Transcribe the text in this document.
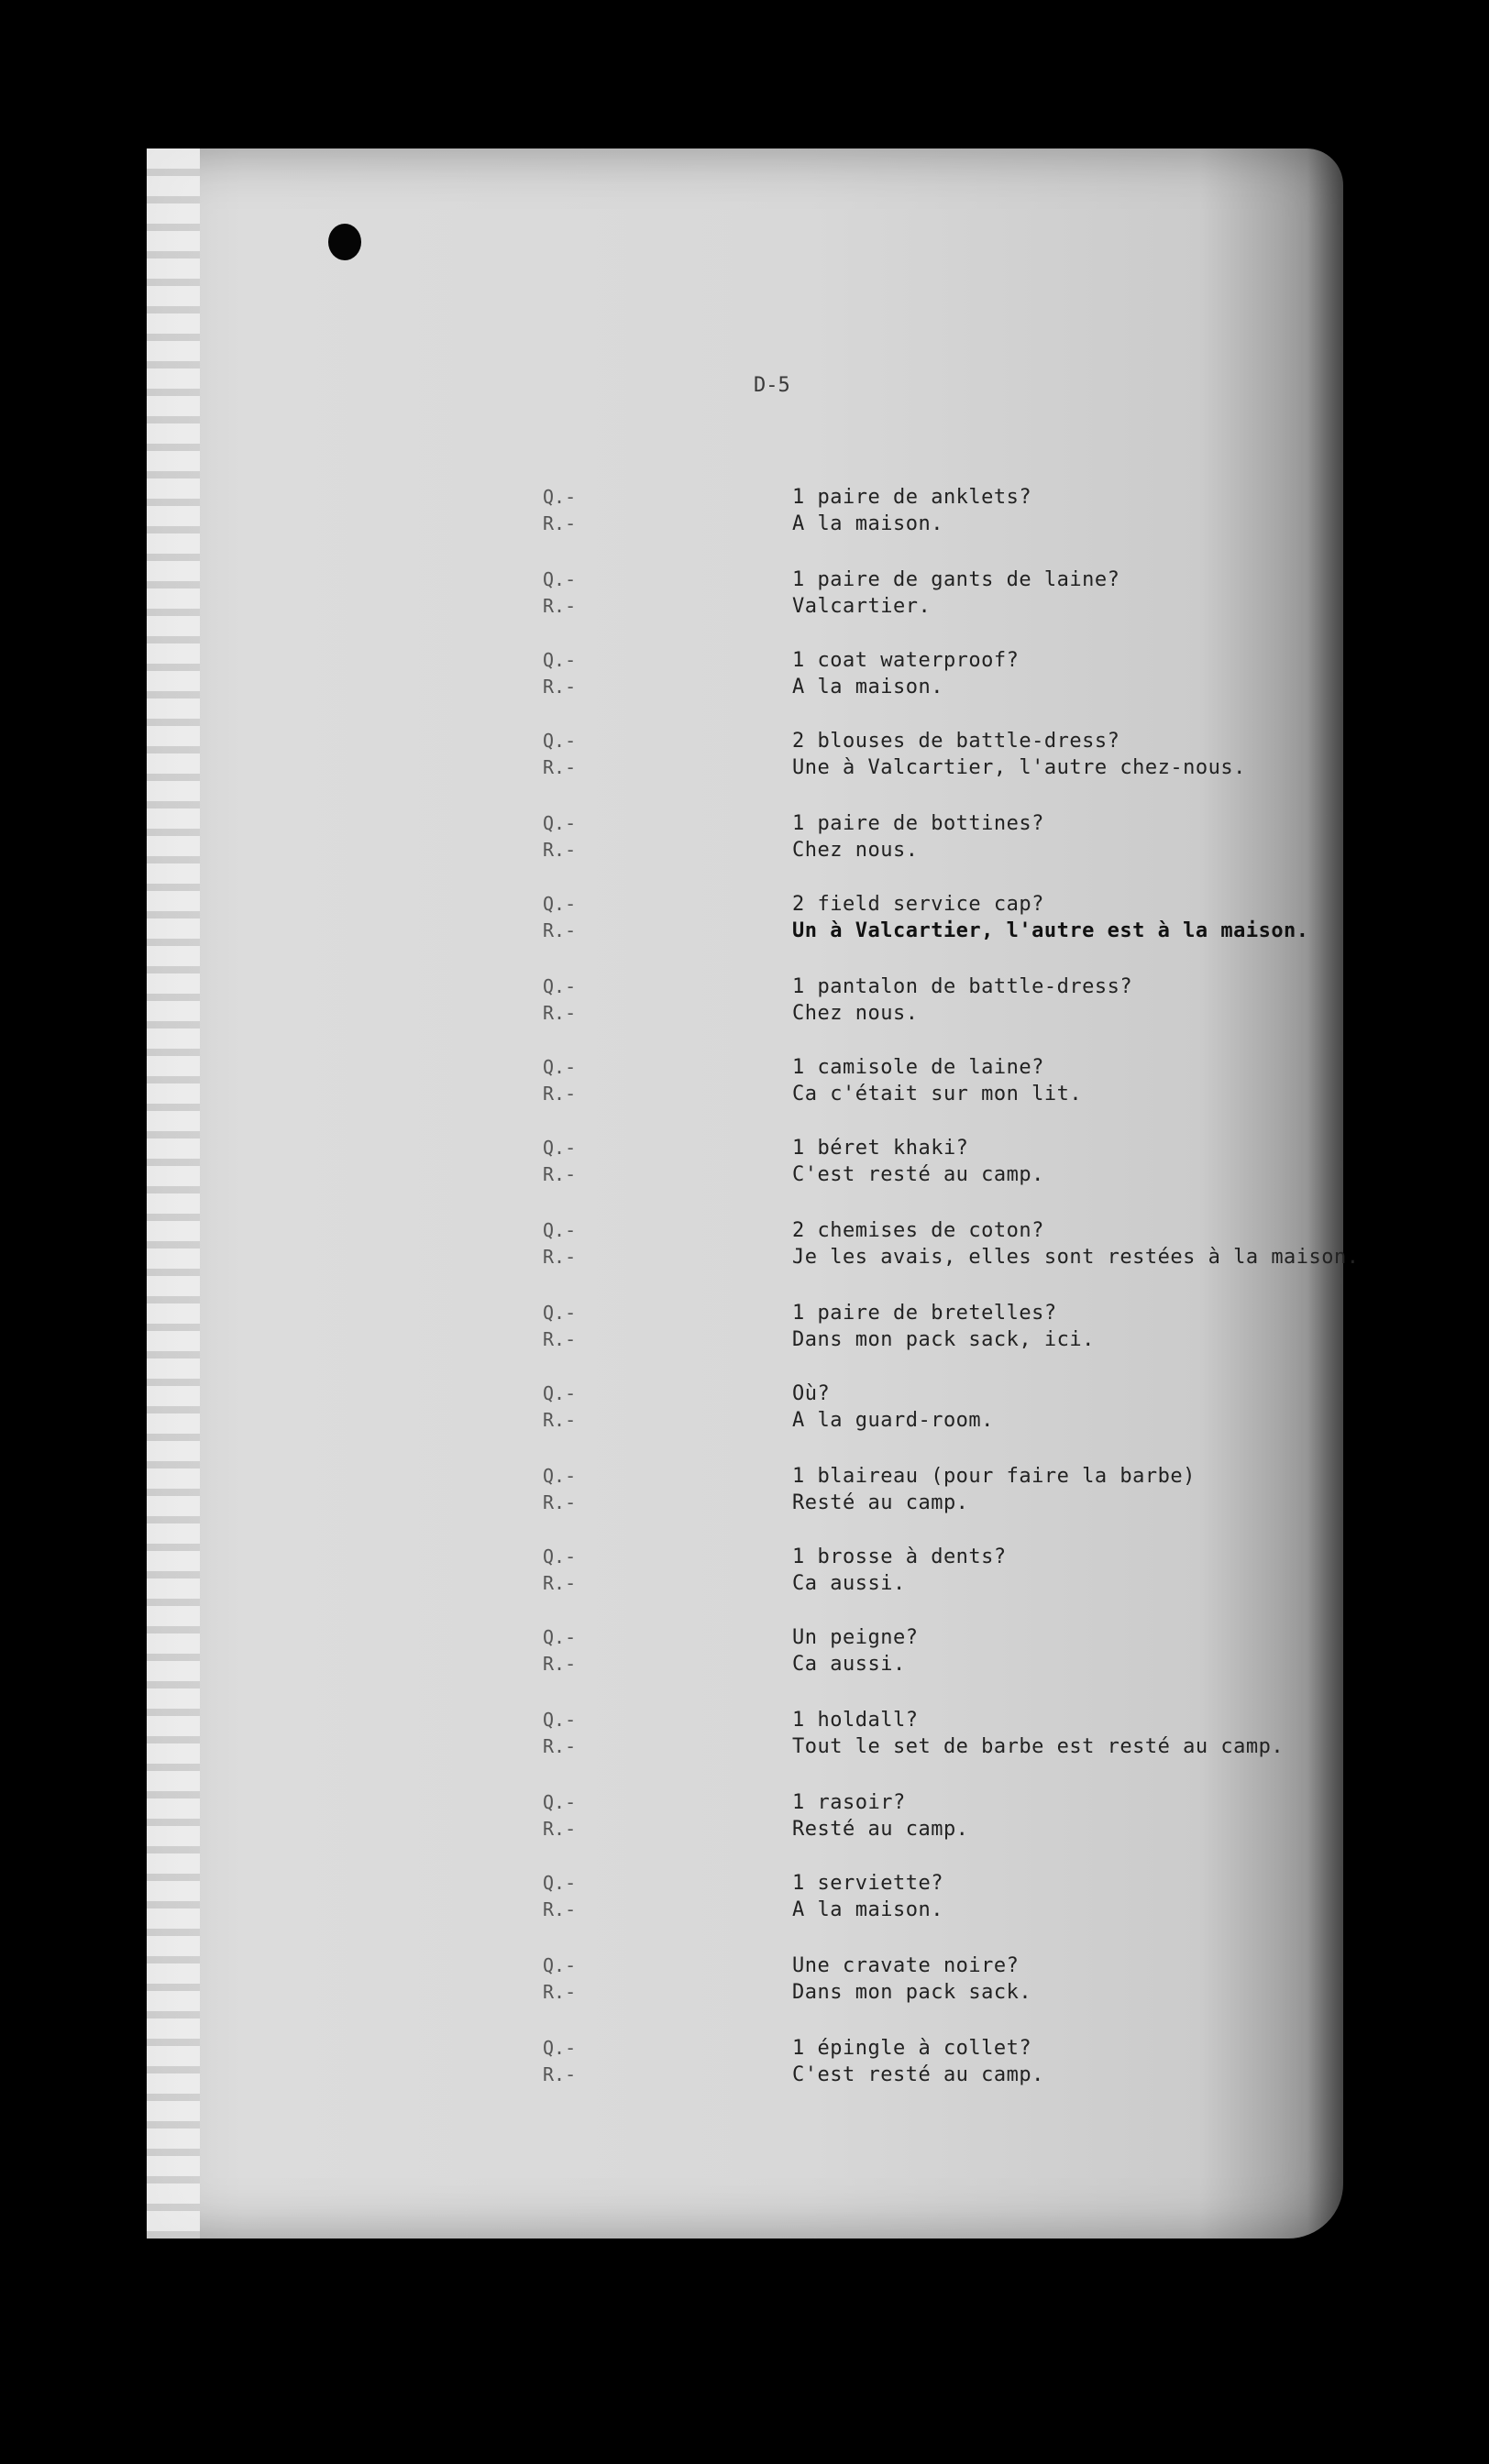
D-5
Q.-
R.-
1 paire de anklets?
A la maison.
Q.-
R.-
1 paire de gants de laine?
Valcartier.
Q.-
R.-
1 coat waterproof?
A la maison.
Q.-
R.-
2 blouses de battle-dress?
Une à Valcartier, l'autre chez-nous.
Q.-
R.-
1 paire de bottines?
Chez nous.
Q.-
R.-
2 field service cap?
Un à Valcartier, l'autre est à la maison.
Q.-
R.-
1 pantalon de battle-dress?
Chez nous.
Q.-
R.-
1 camisole de laine?
Ca c'était sur mon lit.
Q.-
R.-
1 béret khaki?
C'est resté au camp.
Q.-
R.-
2 chemises de coton?
Je les avais, elles sont restées à la maison.
Q.-
R.-
1 paire de bretelles?
Dans mon pack sack, ici.
Q.-
R.-
Où?
A la guard-room.
Q.-
R.-
1 blaireau (pour faire la barbe)
Resté au camp.
Q.-
R.-
1 brosse à dents?
Ca aussi.
Q.-
R.-
Un peigne?
Ca aussi.
Q.-
R.-
1 holdall?
Tout le set de barbe est resté au camp.
Q.-
R.-
1 rasoir?
Resté au camp.
Q.-
R.-
1 serviette?
A la maison.
Q.-
R.-
Une cravate noire?
Dans mon pack sack.
Q.-
R.-
1 épingle à collet?
C'est resté au camp.
